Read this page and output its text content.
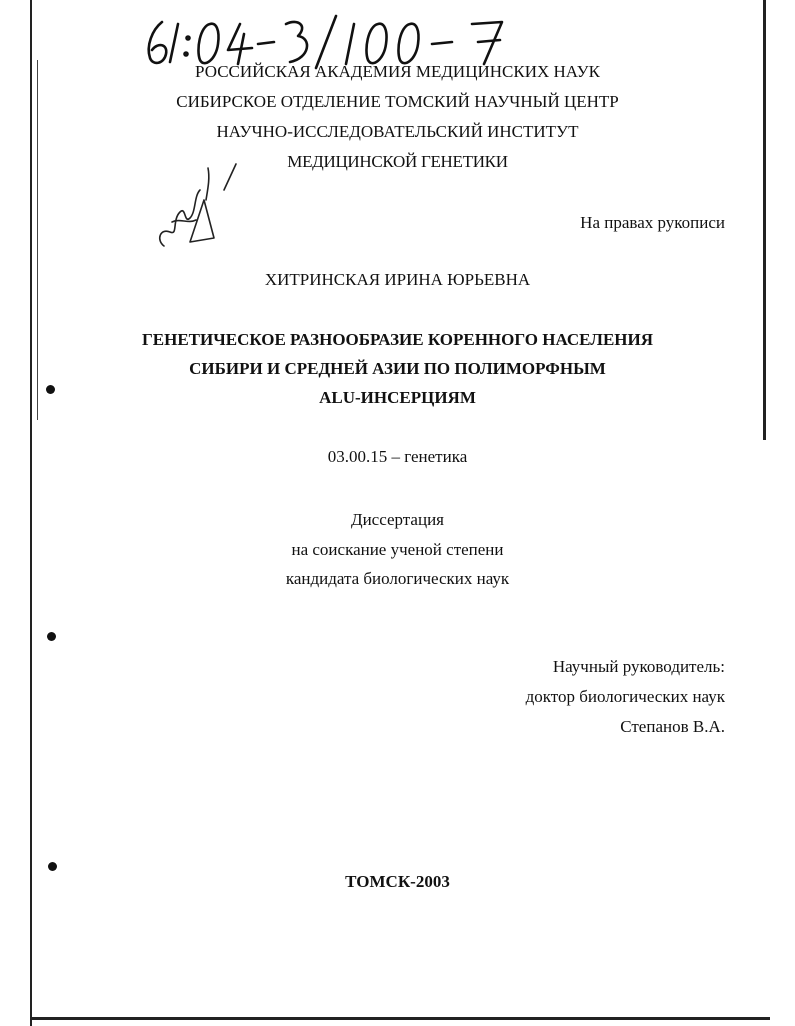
РОССИЙСКАЯ АКАДЕМИЯ МЕДИЦИНСКИХ НАУК
СИБИРСКОЕ ОТДЕЛЕНИЕ ТОМСКИЙ НАУЧНЫЙ ЦЕНТР
НАУЧНО-ИССЛЕДОВАТЕЛЬСКИЙ ИНСТИТУТ
МЕДИЦИНСКОЙ ГЕНЕТИКИ
На правах рукописи
ХИТРИНСКАЯ ИРИНА ЮРЬЕВНА
ГЕНЕТИЧЕСКОЕ РАЗНООБРАЗИЕ КОРЕННОГО НАСЕЛЕНИЯ
СИБИРИ И СРЕДНЕЙ АЗИИ ПО ПОЛИМОРФНЫМ
ALU-ИНСЕРЦИЯМ
03.00.15 – генетика
Диссертация
на соискание ученой степени
кандидата биологических наук
Научный руководитель:
доктор биологических наук
Степанов В.А.
ТОМСК-2003
